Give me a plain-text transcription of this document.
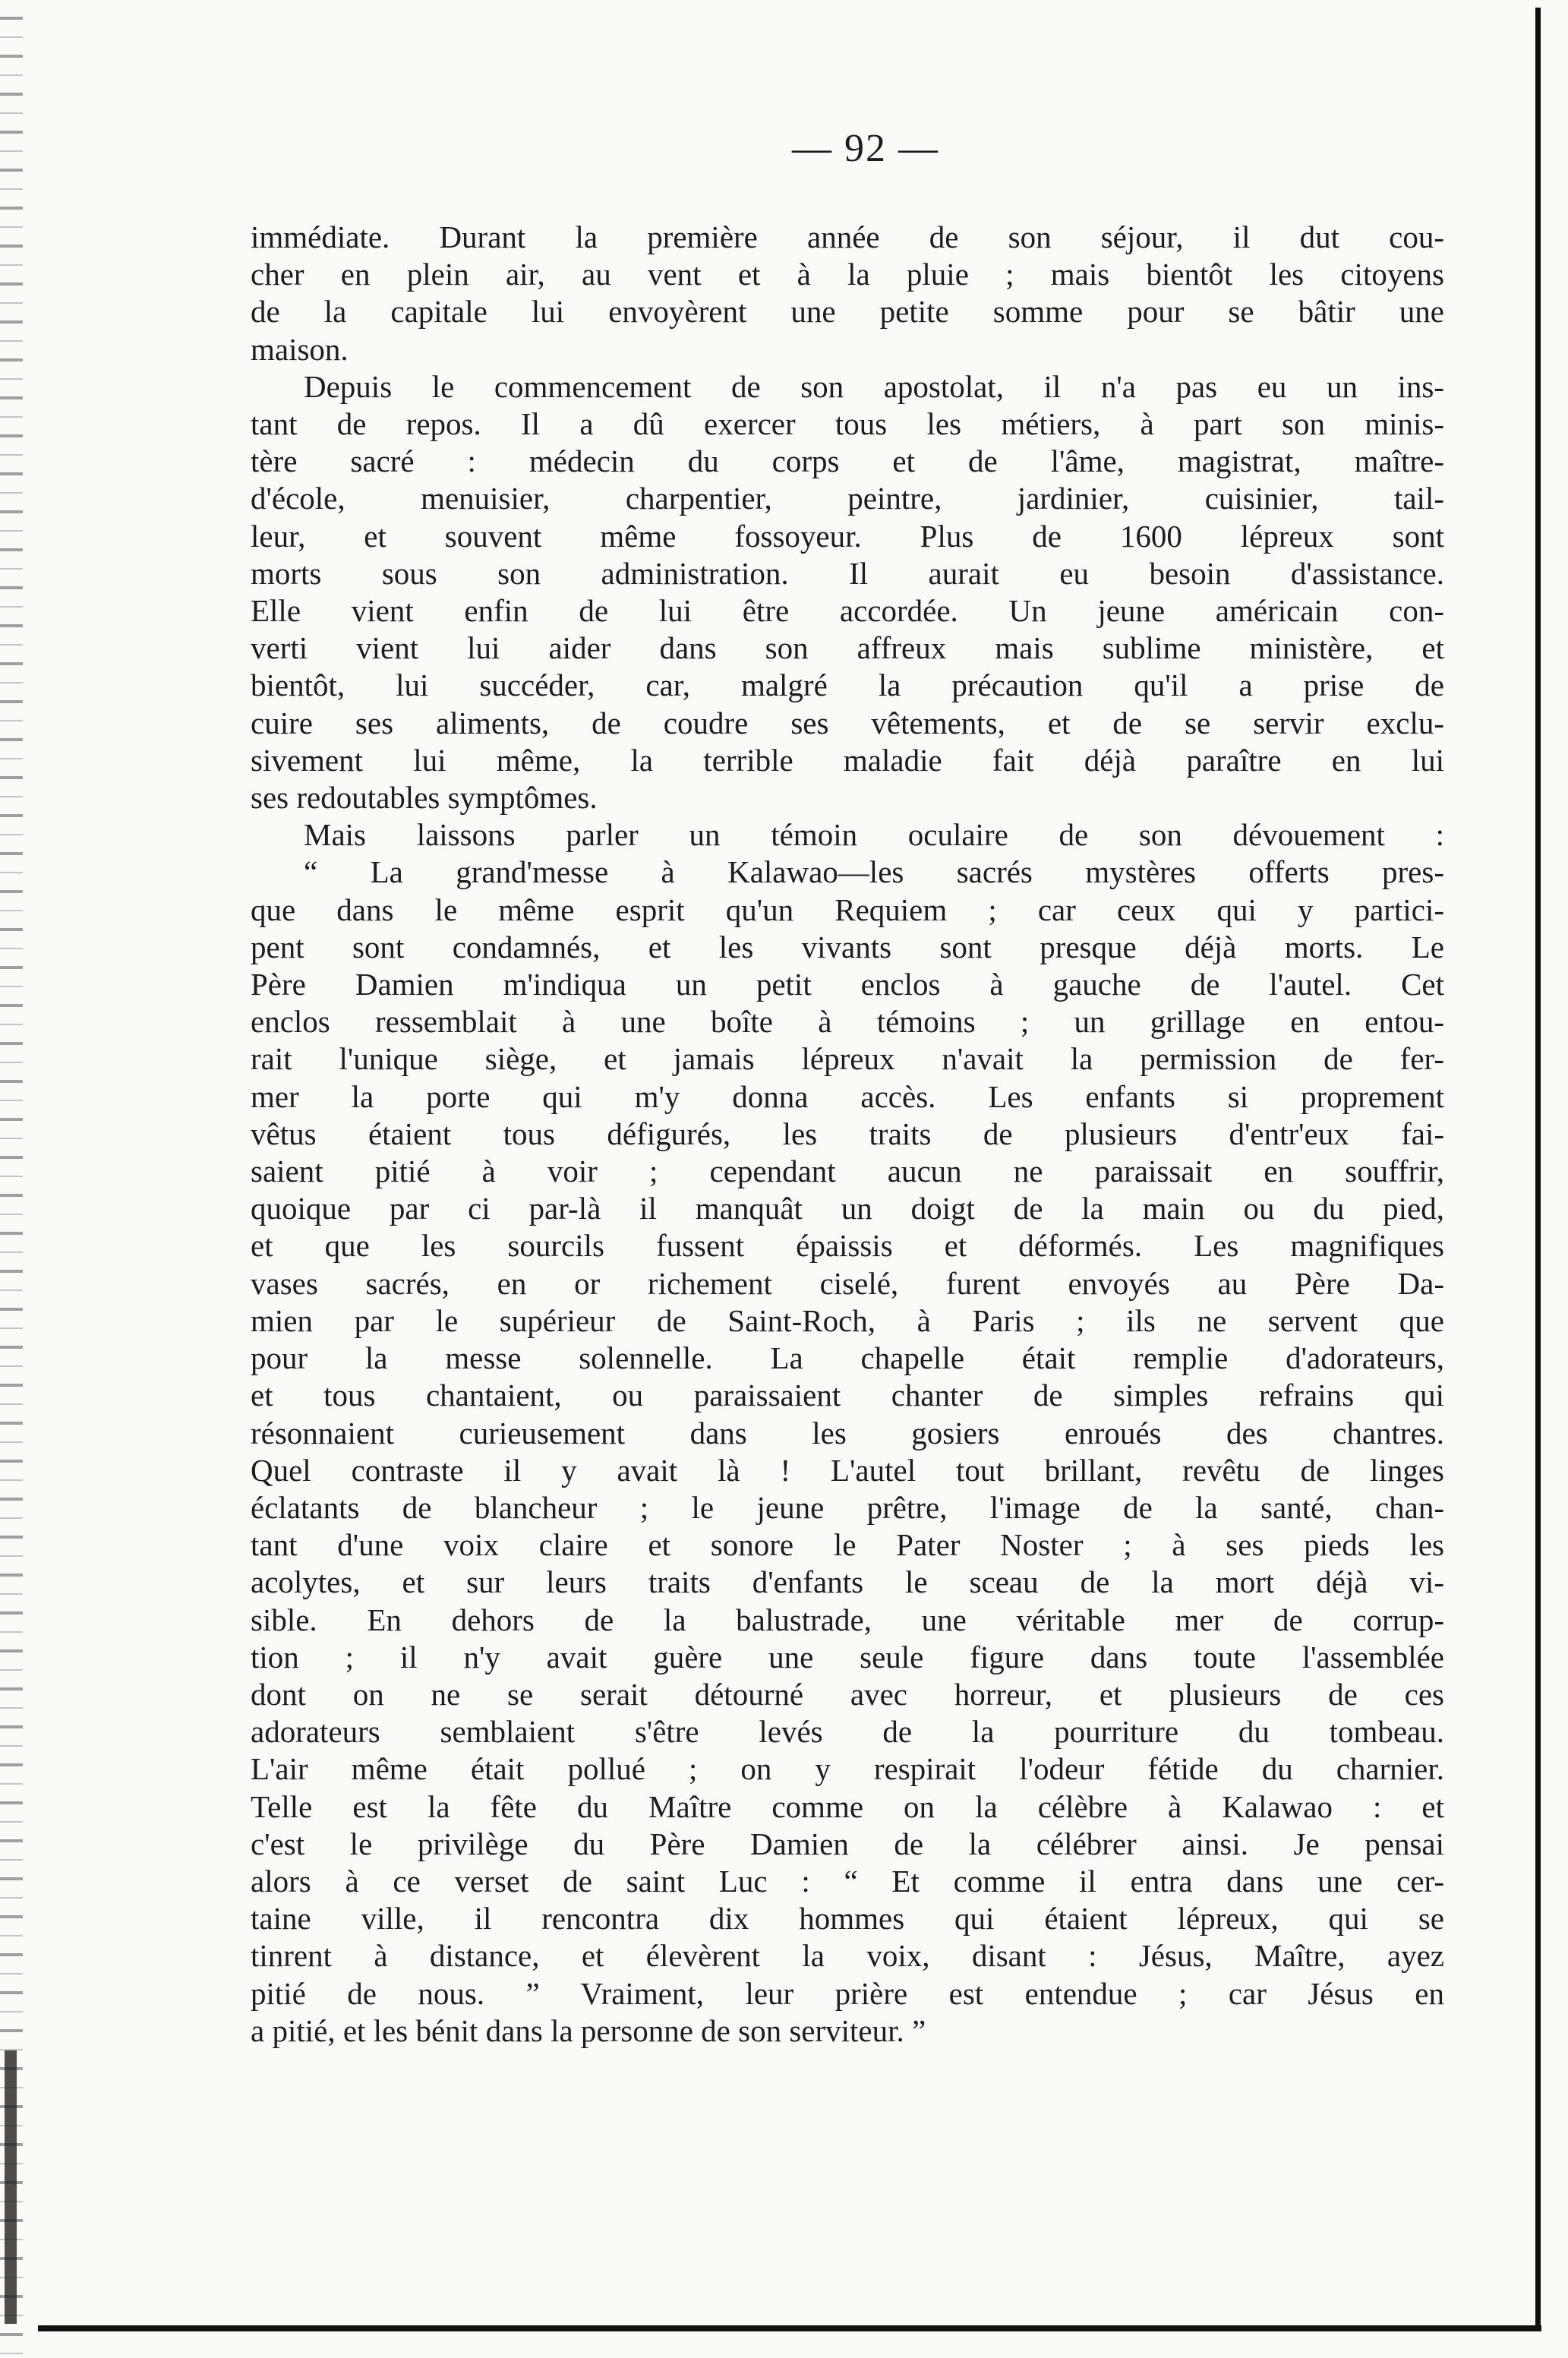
— 92 —
immédiate. Durant la première année de son séjour, il dut cou-
cher en plein air, au vent et à la pluie ; mais bientôt les citoyens
de la capitale lui envoyèrent une petite somme pour se bâtir une
maison.
Depuis le commencement de son apostolat, il n'a pas eu un ins-
tant de repos. Il a dû exercer tous les métiers, à part son minis-
tère sacré : médecin du corps et de l'âme, magistrat, maître-
d'école, menuisier, charpentier, peintre, jardinier, cuisinier, tail-
leur, et souvent même fossoyeur. Plus de 1600 lépreux sont
morts sous son administration. Il aurait eu besoin d'assistance.
Elle vient enfin de lui être accordée. Un jeune américain con-
verti vient lui aider dans son affreux mais sublime ministère, et
bientôt, lui succéder, car, malgré la précaution qu'il a prise de
cuire ses aliments, de coudre ses vêtements, et de se servir exclu-
sivement lui même, la terrible maladie fait déjà paraître en lui
ses redoutables symptômes.
Mais laissons parler un témoin oculaire de son dévouement :
“ La grand'messe à Kalawao—les sacrés mystères offerts pres-
que dans le même esprit qu'un Requiem ; car ceux qui y partici-
pent sont condamnés, et les vivants sont presque déjà morts. Le
Père Damien m'indiqua un petit enclos à gauche de l'autel. Cet
enclos ressemblait à une boîte à témoins ; un grillage en entou-
rait l'unique siège, et jamais lépreux n'avait la permission de fer-
mer la porte qui m'y donna accès. Les enfants si proprement
vêtus étaient tous défigurés, les traits de plusieurs d'entr'eux fai-
saient pitié à voir ; cependant aucun ne paraissait en souffrir,
quoique par ci par-là il manquât un doigt de la main ou du pied,
et que les sourcils fussent épaissis et déformés. Les magnifiques
vases sacrés, en or richement ciselé, furent envoyés au Père Da-
mien par le supérieur de Saint-Roch, à Paris ; ils ne servent que
pour la messe solennelle. La chapelle était remplie d'adorateurs,
et tous chantaient, ou paraissaient chanter de simples refrains qui
résonnaient curieusement dans les gosiers enroués des chantres.
Quel contraste il y avait là ! L'autel tout brillant, revêtu de linges
éclatants de blancheur ; le jeune prêtre, l'image de la santé, chan-
tant d'une voix claire et sonore le Pater Noster ; à ses pieds les
acolytes, et sur leurs traits d'enfants le sceau de la mort déjà vi-
sible. En dehors de la balustrade, une véritable mer de corrup-
tion ; il n'y avait guère une seule figure dans toute l'assemblée
dont on ne se serait détourné avec horreur, et plusieurs de ces
adorateurs semblaient s'être levés de la pourriture du tombeau.
L'air même était pollué ; on y respirait l'odeur fétide du charnier.
Telle est la fête du Maître comme on la célèbre à Kalawao : et
c'est le privilège du Père Damien de la célébrer ainsi. Je pensai
alors à ce verset de saint Luc : “ Et comme il entra dans une cer-
taine ville, il rencontra dix hommes qui étaient lépreux, qui se
tinrent à distance, et élevèrent la voix, disant : Jésus, Maître, ayez
pitié de nous. ” Vraiment, leur prière est entendue ; car Jésus en
a pitié, et les bénit dans la personne de son serviteur. ”
